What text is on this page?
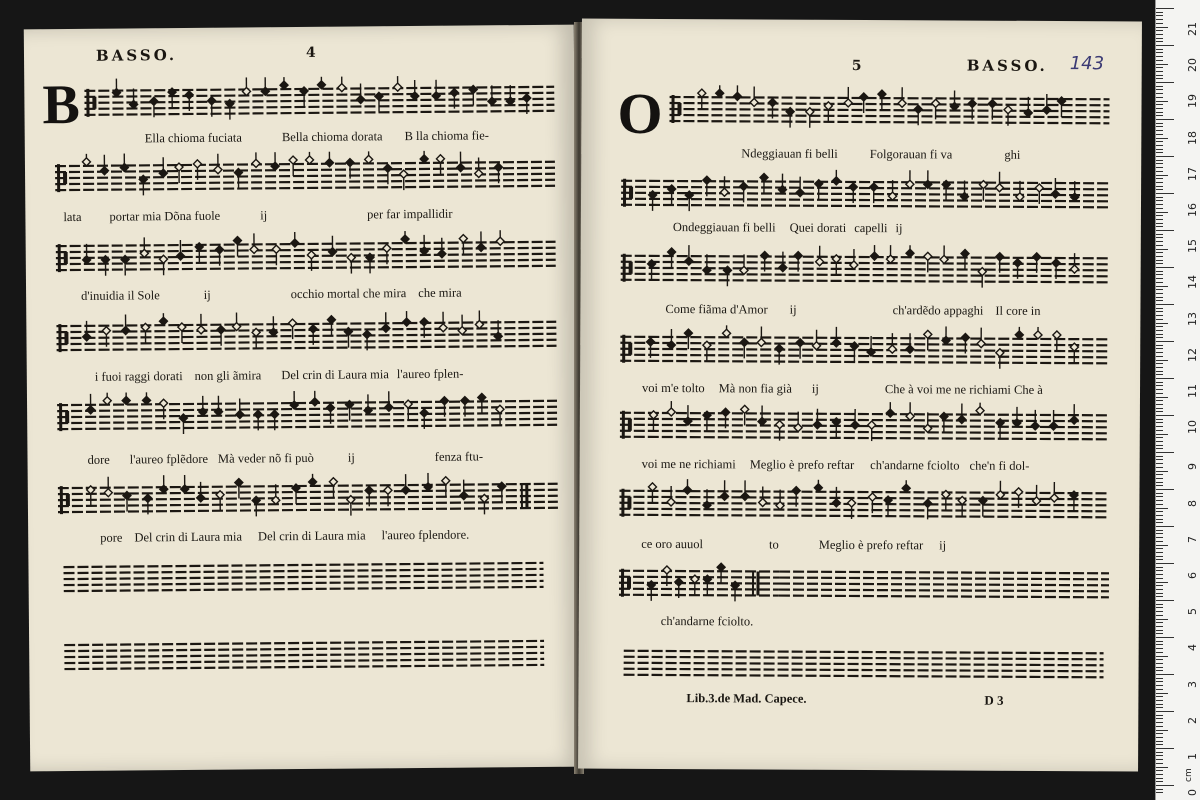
BASSO.	4
B
Ella chioma fuciata	Bella chioma dorata B lla chioma fie-
lata portar mia Dõna fuole	ij	per far impallidir
d'inuidia il Sole	ij	occhio mortal che mira che mira
i fuoi raggi dorati non gli ãmira Del crin di Laura mia l'aureo fplen-
dore l'aureo fplẽdore Mà veder nõ fi può	ij	fenza ftu-
pore Del crin di Laura mia Del crin di Laura mia l'aureo fplendore.
5	BASSO. 143
O
Ndeggiauan fi belli	Folgorauan fi va	ghi
Ondeggiauan fi belli Quei dorati capelli ij
Come fiãma d'Amor ij	ch'ardẽdo appaghi Il core in
voi m'e tolto Mà non fia già ij	Che à voi me ne richiami Che à
voi me ne richiami Meglio è prefo reftar ch'andarne fciolto che'n fi dol-
ce oro auuol	to	Meglio è prefo reftar ij
ch'andarne fciolto.
Lib.3.de Mad. Capece.	D 3
21
20
19
18
17
16
15
14
13
12
11
10
9
8
7
6
5
4
3
2
1
0
cm
